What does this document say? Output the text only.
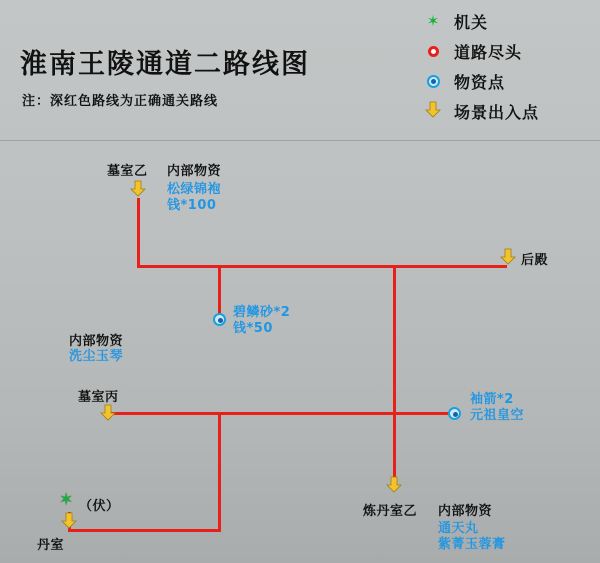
✶ 机关
道路尽头
物资点
场景出入点
淮南王陵通道二路线图
注：深红色路线为正确通关路线
墓室乙 内部物资
松绿锦袍
钱*100
后殿
碧鳞砂*2
钱*50
内部物资
洗尘玉琴
墓室丙	袖箭*2
元祖皇空
炼丹室乙 内部物资
通天丸
紫菁玉蓉膏
✶ （伏）
丹室
